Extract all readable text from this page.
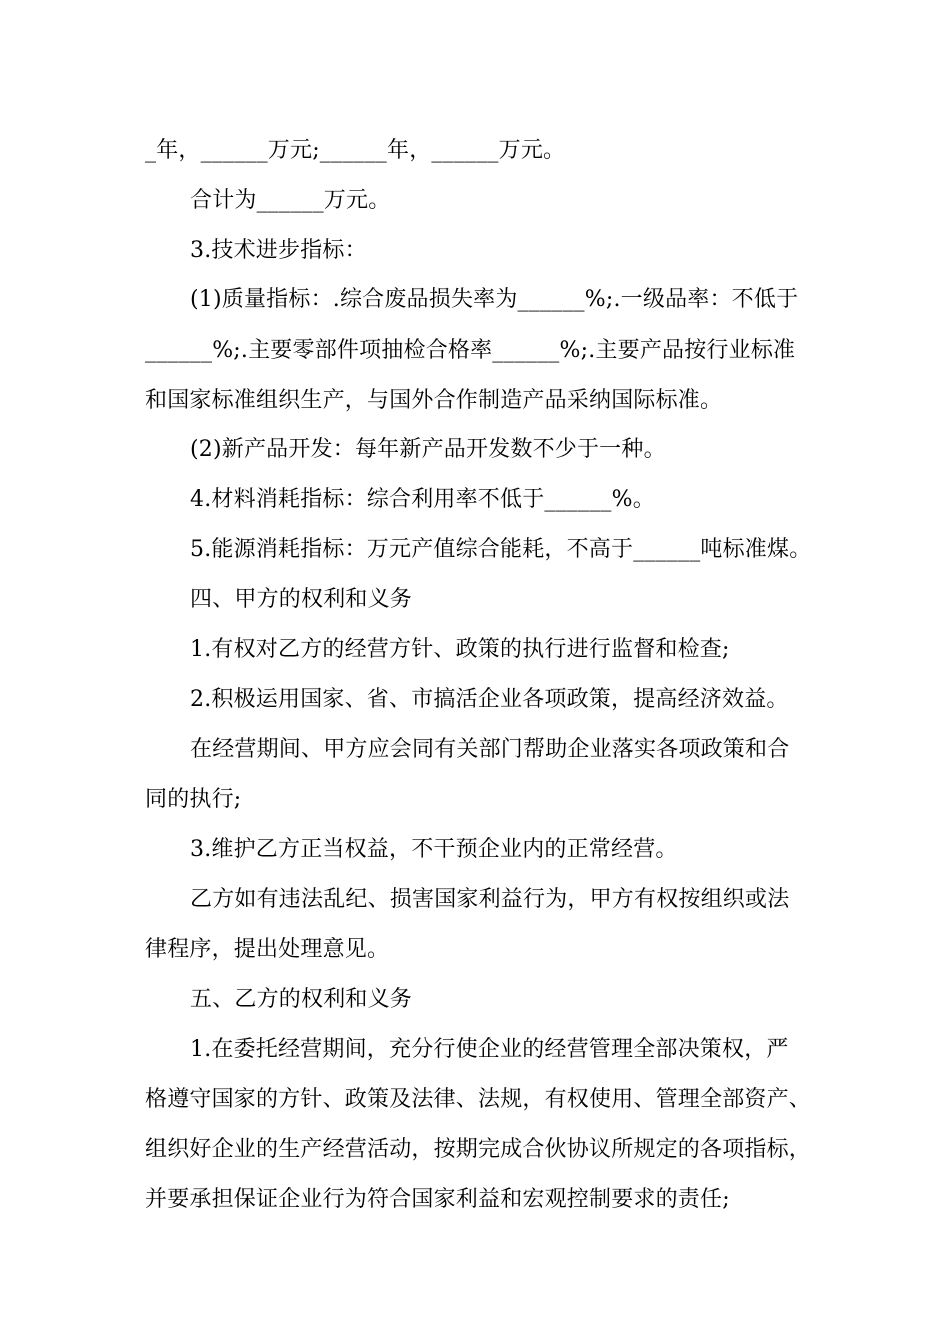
_年，______万元;______年，______万元。

合计为______万元。

3.技术进步指标：

(1)质量指标：.综合废品损失率为______%;.一级品率：不低于

______%;.主要零部件项抽检合格率______%;.主要产品按行业标准

和国家标准组织生产，与国外合作制造产品采纳国际标准。

(2)新产品开发：每年新产品开发数不少于一种。

4.材料消耗指标：综合利用率不低于______%。

5.能源消耗指标：万元产值综合能耗，不高于______吨标准煤。

四、甲方的权利和义务

1.有权对乙方的经营方针、政策的执行进行监督和检查;

2.积极运用国家、省、市搞活企业各项政策，提高经济效益。

在经营期间、甲方应会同有关部门帮助企业落实各项政策和合

同的执行;

3.维护乙方正当权益，不干预企业内的正常经营。

乙方如有违法乱纪、损害国家利益行为，甲方有权按组织或法

律程序，提出处理意见。

五、乙方的权利和义务

1.在委托经营期间，充分行使企业的经营管理全部决策权，严

格遵守国家的方针、政策及法律、法规，有权使用、管理全部资产、

组织好企业的生产经营活动，按期完成合伙协议所规定的各项指标，

并要承担保证企业行为符合国家利益和宏观控制要求的责任;
